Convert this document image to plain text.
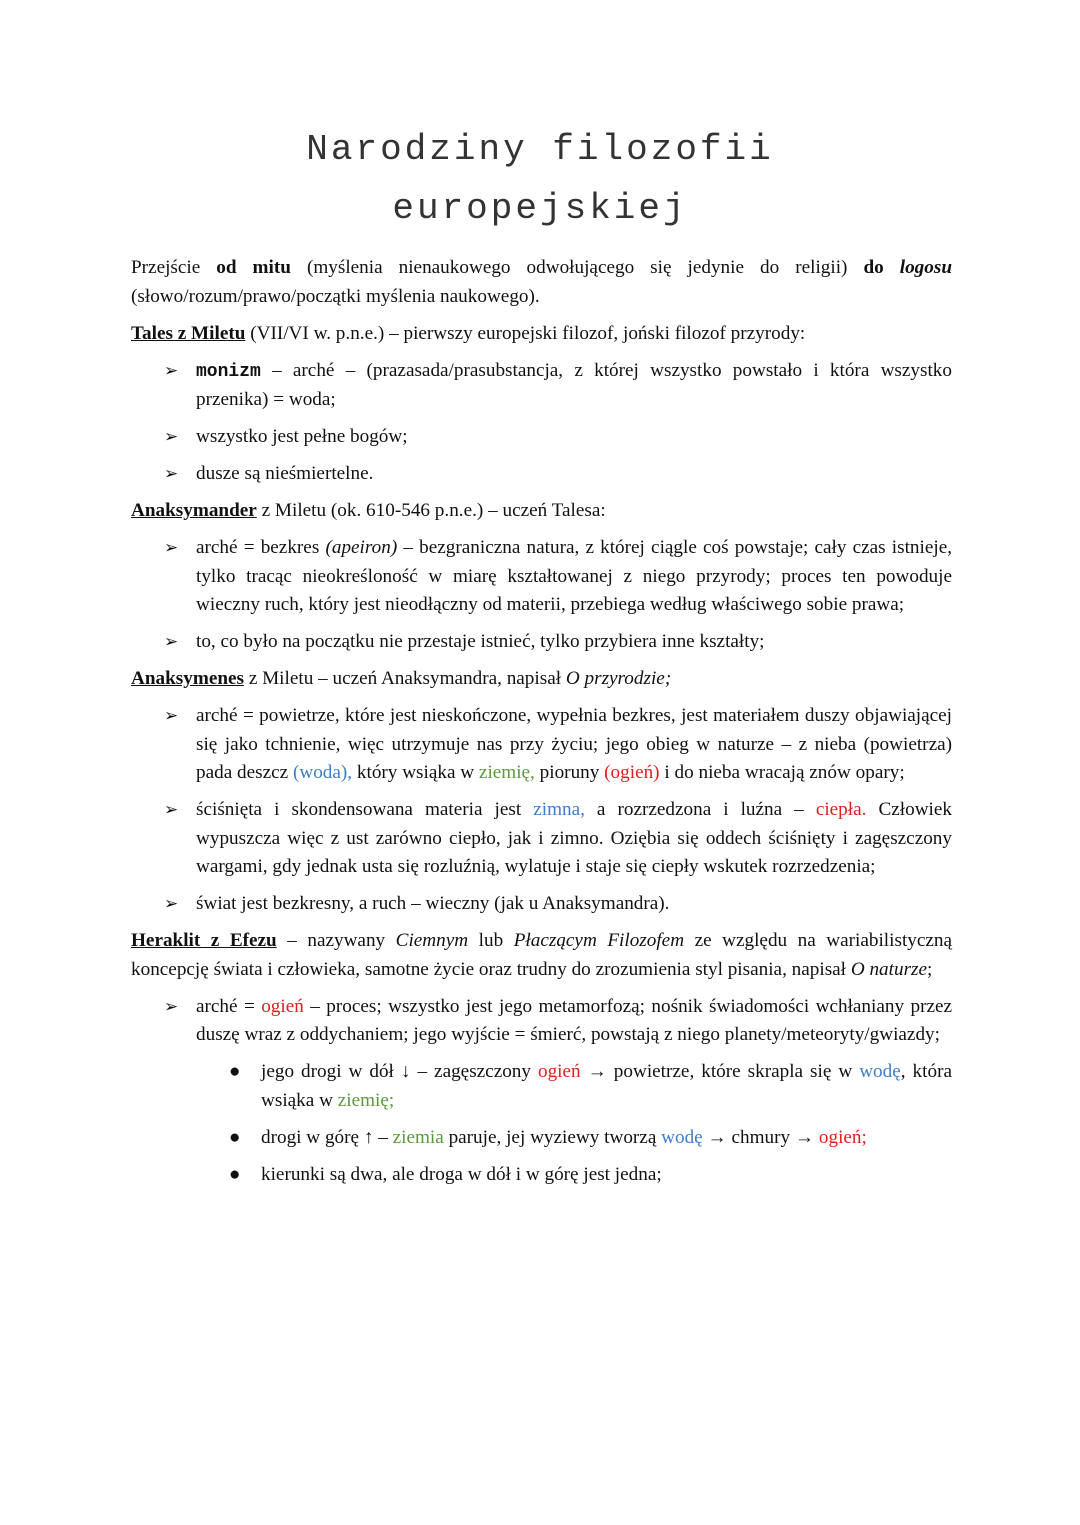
Narodziny filozofii
europejskiej

Przejście od mitu (myślenia nienaukowego odwołującego się jedynie do religii) do logosu (słowo/rozum/prawo/początki myślenia naukowego).

Tales z Miletu (VII/VI w. p.n.e.) – pierwszy europejski filozof, joński filozof przyrody:

➢ monizm – arché – (prazasada/prasubstancja, z której wszystko powstało i która wszystko przenika) = woda;
➢ wszystko jest pełne bogów;
➢ dusze są nieśmiertelne.

Anaksymander z Miletu (ok. 610-546 p.n.e.) – uczeń Talesa:

➢ arché = bezkres (apeiron) – bezgraniczna natura, z której ciągle coś powstaje; cały czas istnieje, tylko tracąc nieokreśloność w miarę kształtowanej z niego przyrody; proces ten powoduje wieczny ruch, który jest nieodłączny od materii, przebiega według właściwego sobie prawa;
➢ to, co było na początku nie przestaje istnieć, tylko przybiera inne kształty;

Anaksymenes z Miletu – uczeń Anaksymandra, napisał O przyrodzie;

➢ arché = powietrze, które jest nieskończone, wypełnia bezkres, jest materiałem duszy objawiającej się jako tchnienie, więc utrzymuje nas przy życiu; jego obieg w naturze – z nieba (powietrza) pada deszcz (woda), który wsiąka w ziemię, pioruny (ogień) i do nieba wracają znów opary;
➢ ściśnięta i skondensowana materia jest zimna, a rozrzedzona i luźna – ciepła. Człowiek wypuszcza więc z ust zarówno ciepło, jak i zimno. Oziębia się oddech ściśnięty i zagęszczony wargami, gdy jednak usta się rozluźnią, wylatuje i staje się ciepły wskutek rozrzedzenia;
➢ świat jest bezkresny, a ruch – wieczny (jak u Anaksymandra).

Heraklit z Efezu – nazywany Ciemnym lub Płaczącym Filozofem ze względu na wariabilistyczną koncepcję świata i człowieka, samotne życie oraz trudny do zrozumienia styl pisania, napisał O naturze;

➢ arché = ogień – proces; wszystko jest jego metamorfozą; nośnik świadomości wchłaniany przez duszę wraz z oddychaniem; jego wyjście = śmierć, powstają z niego planety/meteoryty/gwiazdy;
● jego drogi w dół ↓ – zagęszczony ogień → powietrze, które skrapla się w wodę, która wsiąka w ziemię;
● drogi w górę ↑ – ziemia paruje, jej wyziewy tworzą wodę → chmury → ogień;
● kierunki są dwa, ale droga w dół i w górę jest jedna;
